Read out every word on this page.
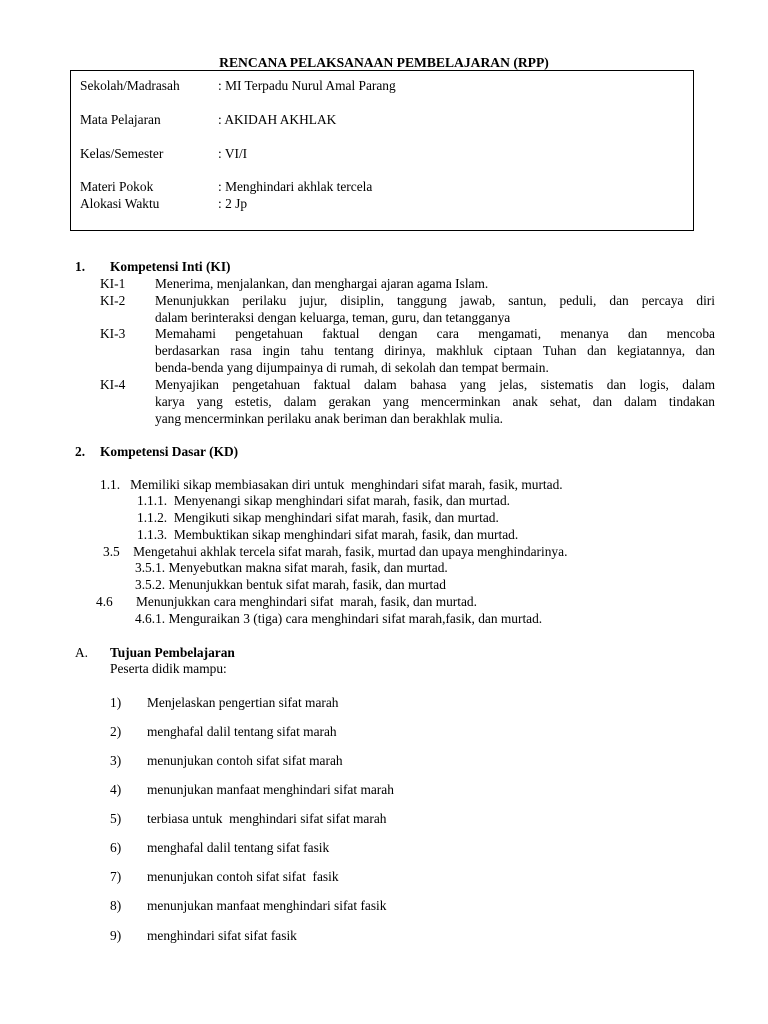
RENCANA PELAKSANAAN PEMBELAJARAN (RPP)
Sekolah/Madrasah	: MI Terpadu Nurul Amal Parang
Mata Pelajaran	: AKIDAH AKHLAK
Kelas/Semester	: VI/I
Materi Pokok	: Menghindari akhlak tercela
Alokasi Waktu	: 2 Jp
1. Kompetensi Inti (KI)
KI-1 Menerima, menjalankan, dan menghargai ajaran agama Islam.
KI-2 Menunjukkan perilaku jujur, disiplin, tanggung jawab, santun, peduli, dan percaya diri
dalam berinteraksi dengan keluarga, teman, guru, dan tetangganya
KI-3 Memahami pengetahuan faktual dengan cara mengamati, menanya dan mencoba
berdasarkan rasa ingin tahu tentang dirinya, makhluk ciptaan Tuhan dan kegiatannya, dan
benda-benda yang dijumpainya di rumah, di sekolah dan tempat bermain.
KI-4 Menyajikan pengetahuan faktual dalam bahasa yang jelas, sistematis dan logis, dalam
karya yang estetis, dalam gerakan yang mencerminkan anak sehat, dan dalam tindakan
yang mencerminkan perilaku anak beriman dan berakhlak mulia.
2. Kompetensi Dasar (KD)
1.1.   Memiliki sikap membiasakan diri untuk  menghindari sifat marah, fasik, murtad.
1.1.1.  Menyenangi sikap menghindari sifat marah, fasik, dan murtad.
1.1.2.  Mengikuti sikap menghindari sifat marah, fasik, dan murtad.
1.1.3.  Membuktikan sikap menghindari sifat marah, fasik, dan murtad.
3.5    Mengetahui akhlak tercela sifat marah, fasik, murtad dan upaya menghindarinya.
3.5.1. Menyebutkan makna sifat marah, fasik, dan murtad.
3.5.2. Menunjukkan bentuk sifat marah, fasik, dan murtad
4.6 Menunjukkan cara menghindari sifat  marah, fasik, dan murtad.
4.6.1. Menguraikan 3 (tiga) cara menghindari sifat marah,fasik, dan murtad.
A. Tujuan Pembelajaran
Peserta didik mampu:
1) Menjelaskan pengertian sifat marah
2) menghafal dalil tentang sifat marah
3) menunjukan contoh sifat sifat marah
4) menunjukan manfaat menghindari sifat marah
5) terbiasa untuk  menghindari sifat sifat marah
6) menghafal dalil tentang sifat fasik
7) menunjukan contoh sifat sifat  fasik
8) menunjukan manfaat menghindari sifat fasik
9) menghindari sifat sifat fasik
